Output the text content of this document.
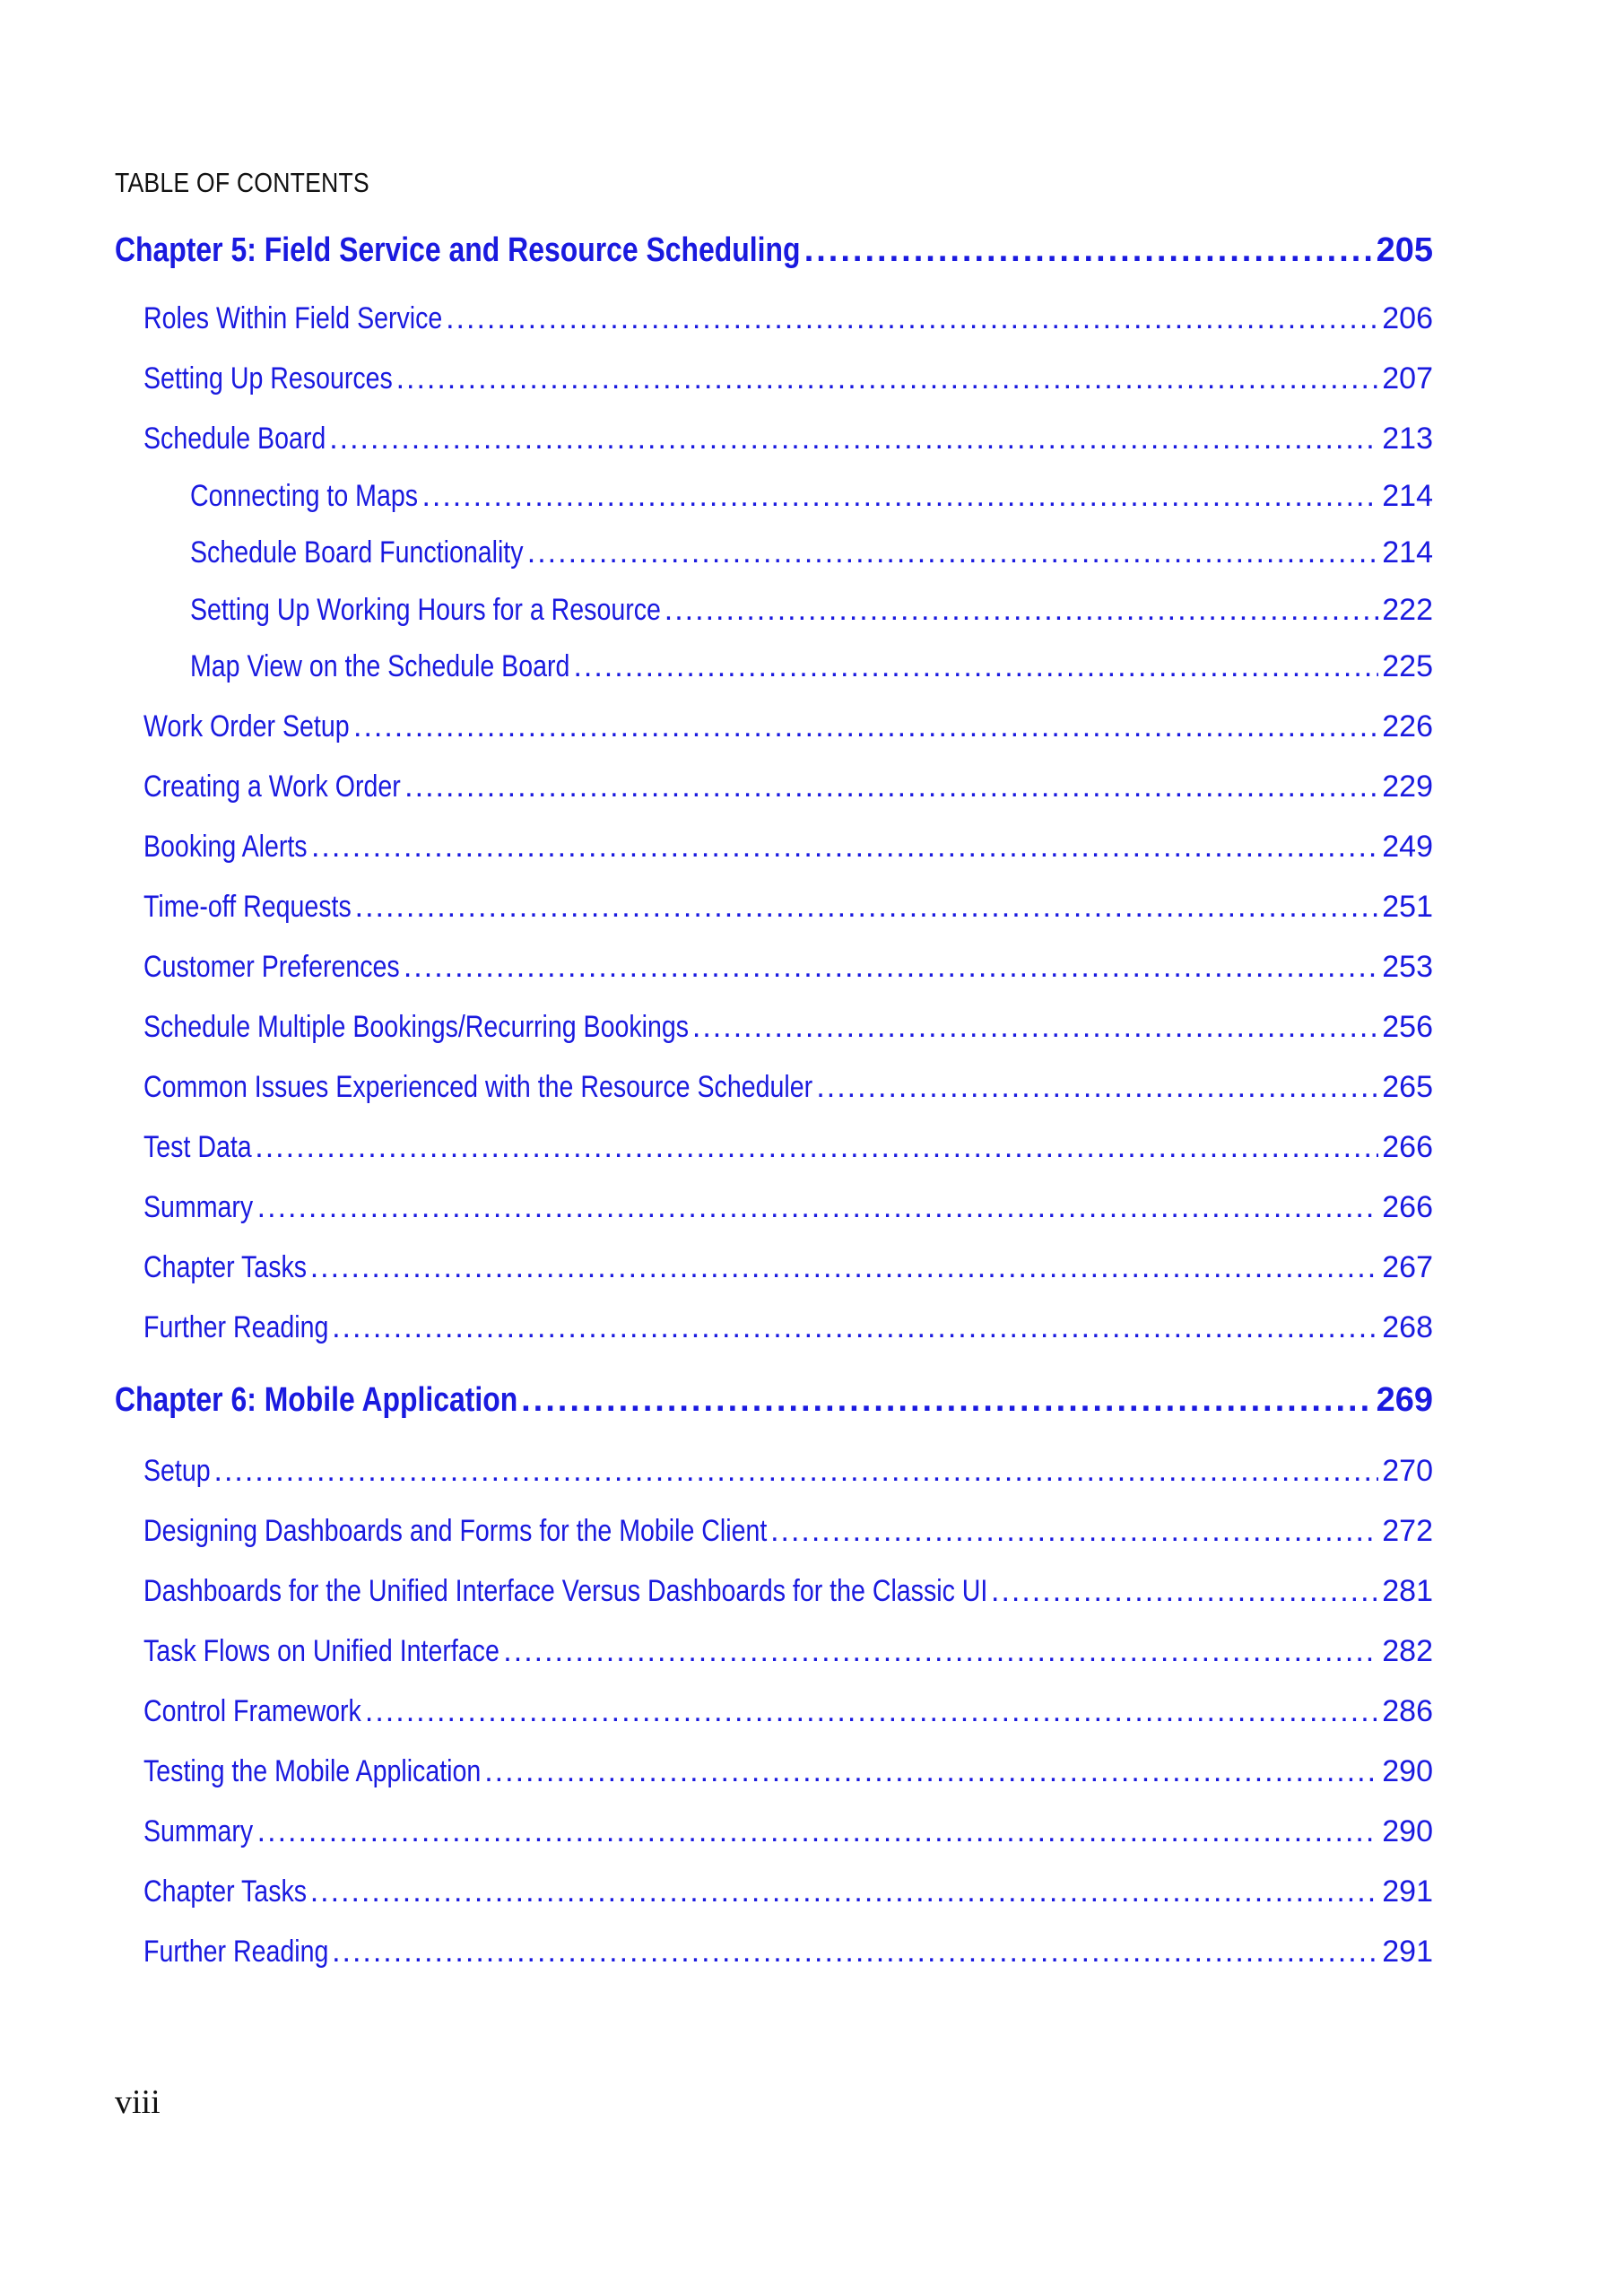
TABLE OF CONTENTS
Chapter 5: Field Service and Resource Scheduling .....	205
Roles Within Field Service .....	206
Setting Up Resources .....	207
Schedule Board .....	213
Connecting to Maps .....	214
Schedule Board Functionality .....	214
Setting Up Working Hours for a Resource .....	222
Map View on the Schedule Board .....	225
Work Order Setup .....	226
Creating a Work Order .....	229
Booking Alerts .....	249
Time-off Requests .....	251
Customer Preferences .....	253
Schedule Multiple Bookings/Recurring Bookings .....	256
Common Issues Experienced with the Resource Scheduler .....	265
Test Data .....	266
Summary .....	266
Chapter Tasks .....	267
Further Reading .....	268
Chapter 6: Mobile Application .....	269
Setup .....	270
Designing Dashboards and Forms for the Mobile Client .....	272
Dashboards for the Unified Interface Versus Dashboards for the Classic UI .....	281
Task Flows on Unified Interface .....	282
Control Framework .....	286
Testing the Mobile Application .....	290
Summary .....	290
Chapter Tasks .....	291
Further Reading .....	291
viii
